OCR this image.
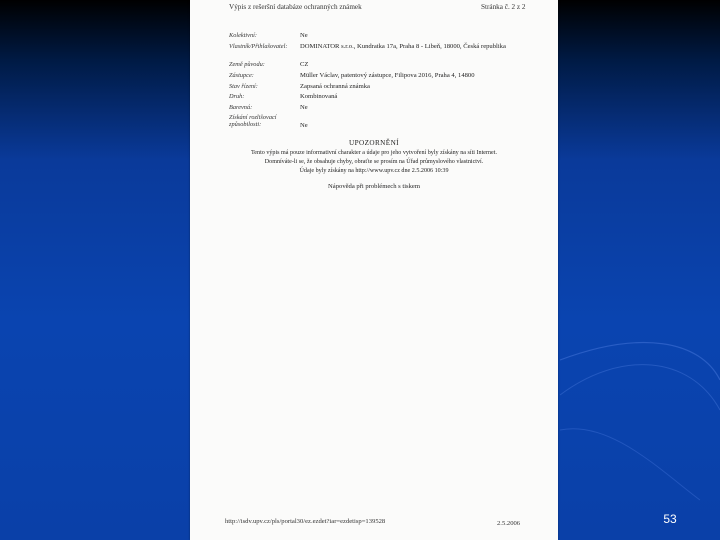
Výpis z rešeršní databáze ochranných známek	Stránka č. 2 z 2
Kolektivní:	Ne
Vlastník/Přihlašovatel:	DOMINATOR s.r.o., Kundratka 17a, Praha 8 - Libeň, 18000, Česká republika
Země původu:	CZ
Zástupce:	Müller Václav, patentový zástupce, Filipova 2016, Praha 4, 14800
Stav řízení:	Zapsaná ochranná známka
Druh:	Kombinovaná
Barevná:	Ne
Získání rozlišovací způsobilosti:	Ne
UPOZORNĚNÍ
Tento výpis má pouze informativní charakter a údaje pro jeho vytvoření byly získány na síti Internet.
Domníváte-li se, že obsahuje chyby, obraťte se prosím na Úřad průmyslového vlastnictví.
Údaje byly získány na http://www.upv.cz dne 2.5.2006 10:39
Nápověda při problémech s tiskem
http://isdv.upv.cz/pls/portal30/ez.ezdet?iar=ezdetisp=139528	2.5.2006	53
